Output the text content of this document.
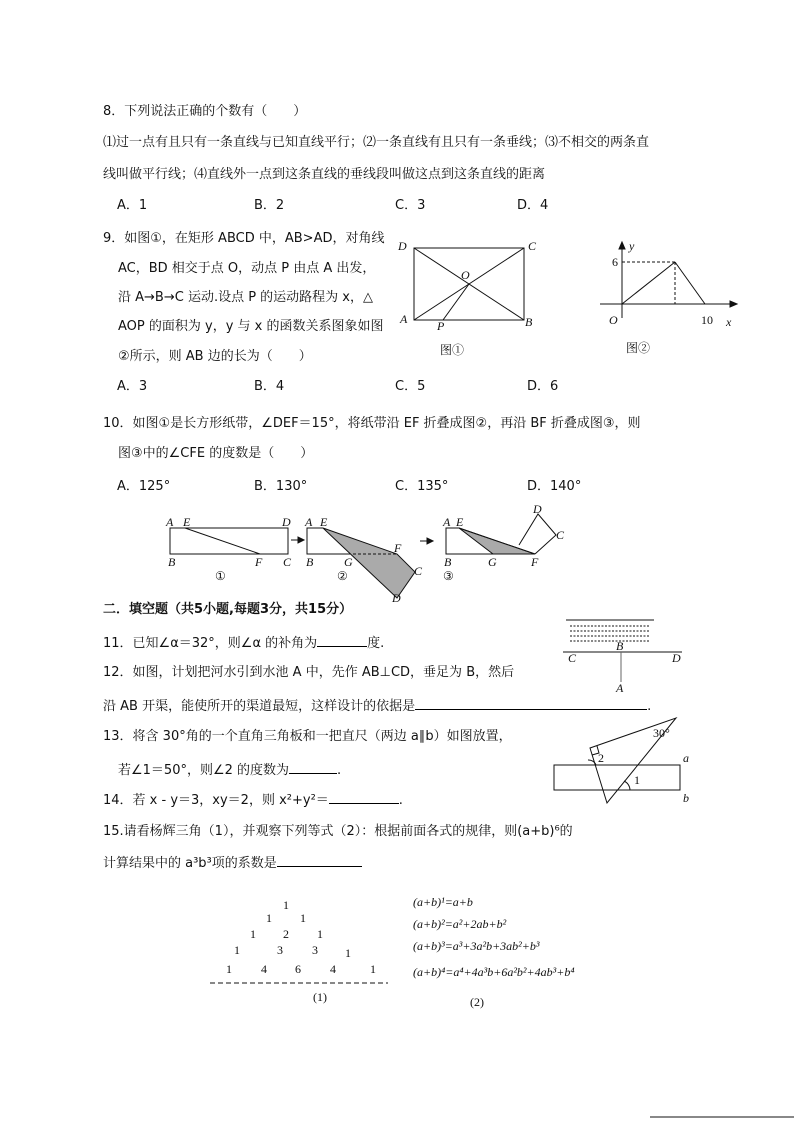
8．下列说法正确的个数有（　　）
⑴过一点有且只有一条直线与已知直线平行；⑵一条直线有且只有一条垂线；⑶不相交的两条直
线叫做平行线；⑷直线外一点到这条直线的垂线段叫做这点到这条直线的距离
A．1	B．2	C．3	D．4
9．如图①，在矩形 ABCD 中，AB>AD，对角线
AC，BD 相交于点 O，动点 P 由点 A 出发，
沿 A→B→C 运动.设点 P 的运动路程为 x，△
AOP 的面积为 y，y 与 x 的函数关系图象如图
②所示，则 AB 边的长为（　　）
A．3	B．4	C．5	D．6
10．如图①是长方形纸带，∠DEF＝15°，将纸带沿 EF 折叠成图②，再沿 BF 折叠成图③，则
图③中的∠CFE 的度数是（　　）
A．125°	B．130°	C．135°	D．140°
二．填空题（共5小题,每题3分，共15分）
11．已知∠α＝32°，则∠α 的补角为	度.
12．如图，计划把河水引到水池 A 中，先作 AB⊥CD，垂足为 B，然后
沿 AB 开渠，能使所开的渠道最短，这样设计的依据是	.
13．将含 30°角的一个直角三角板和一把直尺（两边 a∥b）如图放置，
若∠1＝50°，则∠2 的度数为	.
14．若 x - y＝3，xy＝2，则 x²+y²＝	.
15.请看杨辉三角（1），并观察下列等式（2）：根据前面各式的规律，则(a+b)⁶的
计算结果中的 a³b³项的系数是
D	C
O
A P	B
图①
y
6
O	10 x
图②
A E	D
B	F C
①
A E
F
B	G
C
D
②
A E
D
C
B	G	F
③
B
C	D
A
30°
2
1
a
b
1
1 1
1 2 1
1	3 3 1
1 4 6 4	1
(1)
(a+b)¹=a+b
(a+b)²=a²+2ab+b²
(a+b)³=a³+3a²b+3ab²+b³
(a+b)⁴=a⁴+4a³b+6a²b²+4ab³+b⁴
(2)
